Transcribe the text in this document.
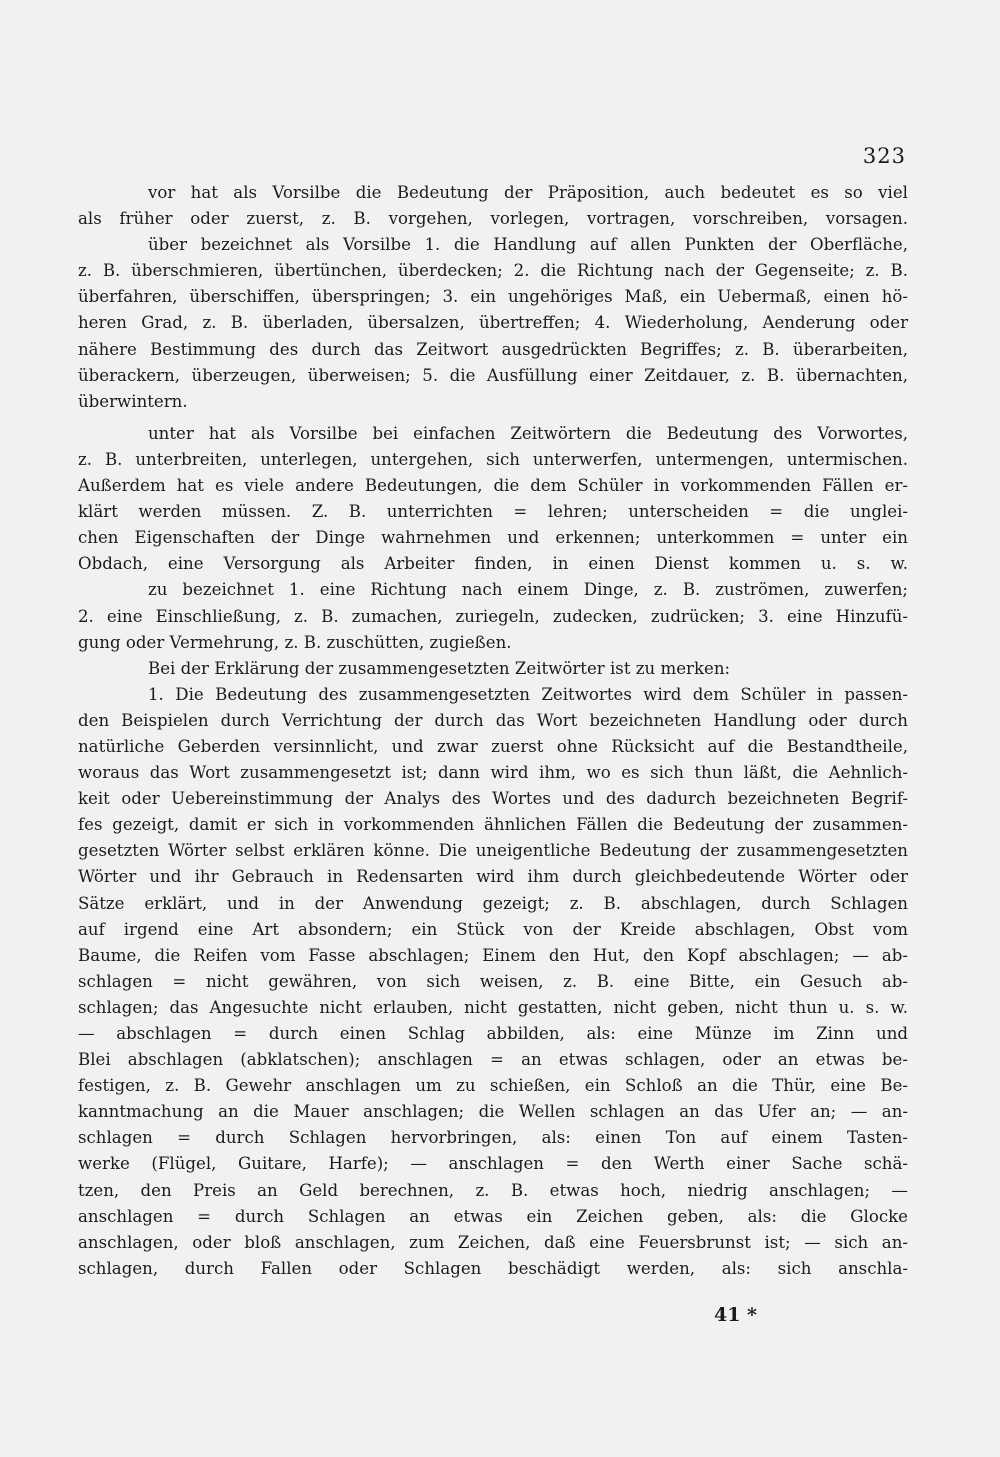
323
vor hat als Vorsilbe die Bedeutung der Präposition, auch bedeutet es so viel
als früher oder zuerst, z. B. vorgehen, vorlegen, vortragen, vorschreiben, vorsagen.
über bezeichnet als Vorsilbe 1. die Handlung auf allen Punkten der Oberfläche,
z. B. überschmieren, übertünchen, überdecken; 2. die Richtung nach der Gegenseite; z. B.
überfahren, überschiffen, überspringen; 3. ein ungehöriges Maß, ein Uebermaß, einen hö-
heren Grad, z. B. überladen, übersalzen, übertreffen; 4. Wiederholung, Aenderung oder
nähere Bestimmung des durch das Zeitwort ausgedrückten Begriffes; z. B. überarbeiten,
überackern, überzeugen, überweisen; 5. die Ausfüllung einer Zeitdauer, z. B. übernachten,
überwintern.
unter hat als Vorsilbe bei einfachen Zeitwörtern die Bedeutung des Vorwortes,
z. B. unterbreiten, unterlegen, untergehen, sich unterwerfen, untermengen, untermischen.
Außerdem hat es viele andere Bedeutungen, die dem Schüler in vorkommenden Fällen er-
klärt werden müssen. Z. B. unterrichten = lehren; unterscheiden = die unglei-
chen Eigenschaften der Dinge wahrnehmen und erkennen; unterkommen = unter ein
Obdach, eine Versorgung als Arbeiter finden, in einen Dienst kommen u. s. w.
zu bezeichnet 1. eine Richtung nach einem Dinge, z. B. zuströmen, zuwerfen;
2. eine Einschließung, z. B. zumachen, zuriegeln, zudecken, zudrücken; 3. eine Hinzufü-
gung oder Vermehrung, z. B. zuschütten, zugießen.
Bei der Erklärung der zusammengesetzten Zeitwörter ist zu merken:
1. Die Bedeutung des zusammengesetzten Zeitwortes wird dem Schüler in passen-
den Beispielen durch Verrichtung der durch das Wort bezeichneten Handlung oder durch
natürliche Geberden versinnlicht, und zwar zuerst ohne Rücksicht auf die Bestandtheile,
woraus das Wort zusammengesetzt ist; dann wird ihm, wo es sich thun läßt, die Aehnlich-
keit oder Uebereinstimmung der Analys des Wortes und des dadurch bezeichneten Begrif-
fes gezeigt, damit er sich in vorkommenden ähnlichen Fällen die Bedeutung der zusammen-
gesetzten Wörter selbst erklären könne. Die uneigentliche Bedeutung der zusammengesetzten
Wörter und ihr Gebrauch in Redensarten wird ihm durch gleichbedeutende Wörter oder
Sätze erklärt, und in der Anwendung gezeigt; z. B. abschlagen, durch Schlagen
auf irgend eine Art absondern; ein Stück von der Kreide abschlagen, Obst vom
Baume, die Reifen vom Fasse abschlagen; Einem den Hut, den Kopf abschlagen; — ab-
schlagen = nicht gewähren, von sich weisen, z. B. eine Bitte, ein Gesuch ab-
schlagen; das Angesuchte nicht erlauben, nicht gestatten, nicht geben, nicht thun u. s. w.
— abschlagen = durch einen Schlag abbilden, als: eine Münze im Zinn und
Blei abschlagen (abklatschen); anschlagen = an etwas schlagen, oder an etwas be-
festigen, z. B. Gewehr anschlagen um zu schießen, ein Schloß an die Thür, eine Be-
kanntmachung an die Mauer anschlagen; die Wellen schlagen an das Ufer an; — an-
schlagen = durch Schlagen hervorbringen, als: einen Ton auf einem Tasten-
werke (Flügel, Guitare, Harfe); — anschlagen = den Werth einer Sache schä-
tzen, den Preis an Geld berechnen, z. B. etwas hoch, niedrig anschlagen; —
anschlagen = durch Schlagen an etwas ein Zeichen geben, als: die Glocke
anschlagen, oder bloß anschlagen, zum Zeichen, daß eine Feuersbrunst ist; — sich an-
schlagen, durch Fallen oder Schlagen beschädigt werden, als: sich anschla-
41 *
